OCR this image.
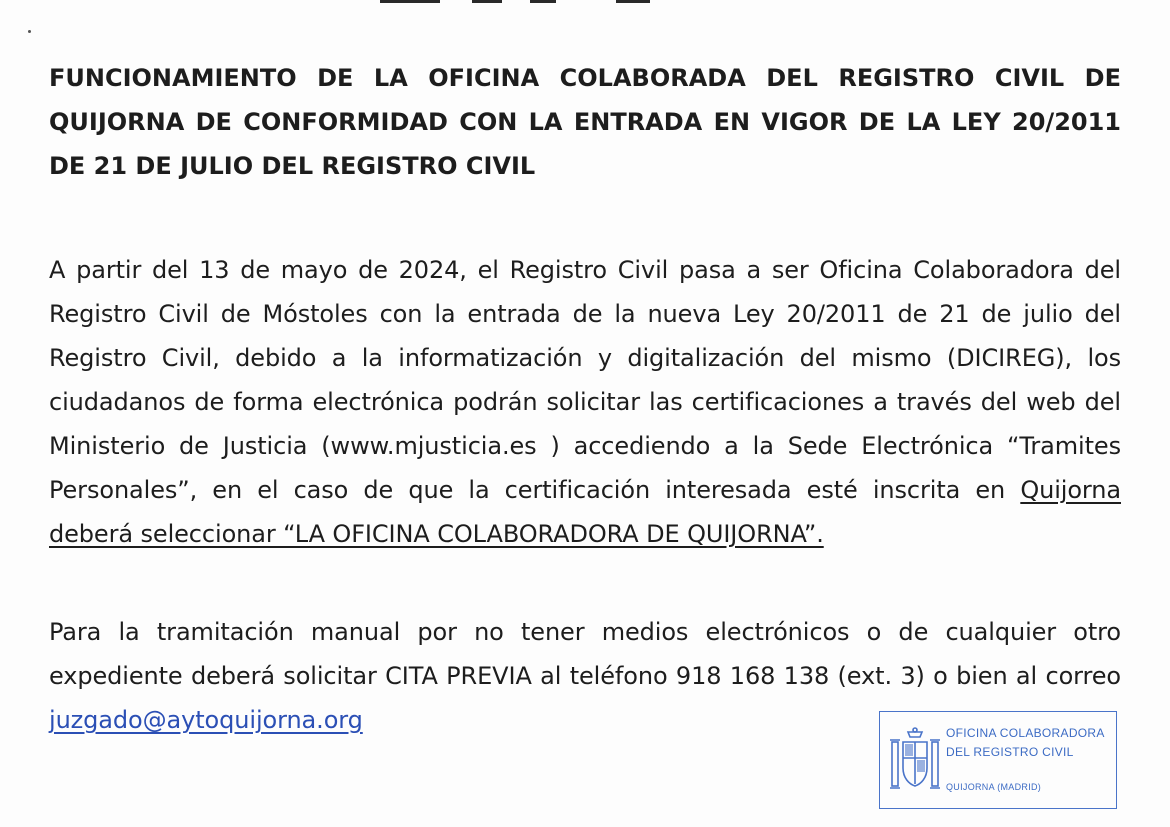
FUNCIONAMIENTO DE LA OFICINA COLABORADA DEL REGISTRO CIVIL DE
QUIJORNA DE CONFORMIDAD CON LA ENTRADA EN VIGOR DE LA LEY 20/2011
DE 21 DE JULIO DEL REGISTRO CIVIL

A partir del 13 de mayo de 2024, el Registro Civil pasa a ser Oficina Colaboradora del Registro Civil de Móstoles con la entrada de la nueva Ley 20/2011 de 21 de julio del Registro Civil, debido a la informatización y digitalización del mismo (DICIREG), los ciudadanos de forma electrónica podrán solicitar las certificaciones a través del web del Ministerio de Justicia (www.mjusticia.es ) accediendo a la Sede Electrónica “Tramites Personales”, en el caso de que la certificación interesada esté inscrita en Quijorna deberá seleccionar “LA OFICINA COLABORADORA DE QUIJORNA”.

Para la tramitación manual por no tener medios electrónicos o de cualquier otro expediente deberá solicitar CITA PREVIA al teléfono 918 168 138 (ext. 3) o bien al correo juzgado@aytoquijorna.org	OFICINA COLABORADORA
DEL REGISTRO CIVIL
QUIJORNA (MADRID)
